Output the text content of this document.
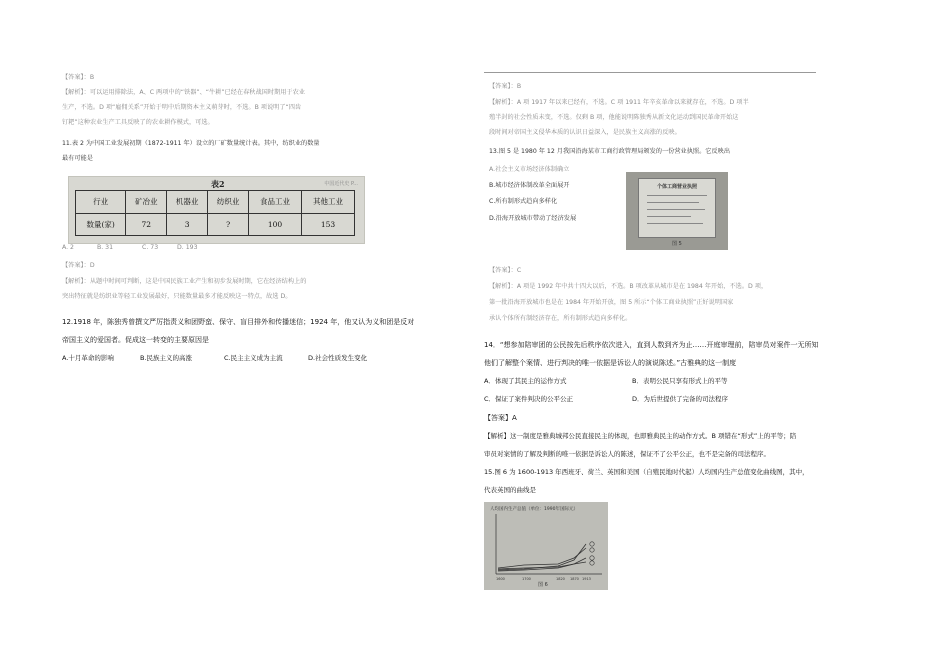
【答案】：B
【解析】：可以运用排除法，A、C 两项中的“铁器”、“牛耕”已经在春秋战国时期用于农业
生产，不选。D 项“雇佣关系”开始于明中后期资本主义萌芽时，不选。B 项说明了“四齿
钉耙”这种农业生产工具反映了的农业耕作模式，可选。
11.表 2 为中国工业发展初期（1872-1911 年）设立的厂矿数量统计表。其中，纺织业的数量
最有可能是
表2	中国近代史 P...
行业	矿冶业	机器业	纺织业	食品工业	其他工业
数量(家)	72	3	?	100	153
A. 2	B. 31	C. 73	D. 193
【答案】：D
【解析】：从题中时间可判断，这是中国民族工业产生和初步发展时期，它在经济结构上的
突出特征就是纺织业等轻工业发展最好，只能数量最多才能反映这一特点，故选 D。
12.1918 年，陈独秀曾撰文严厉指责义和团野蛮、保守、盲目排外和传播迷信；1924 年，他又认为义和团是反对
帝国主义的爱国者。促成这一转变的主要原因是
A.十月革命的影响	B.民族主义的高涨	C.民主主义成为主流	D.社会性质发生变化
【答案】：B
【解析】：A 项 1917 年以来已经有，不选。C 项 1911 年辛亥革命以来就存在，不选。D 项半
殖半封的社会性质未变，不选。仅剩 B 项，他能说明陈独秀从新文化运动到国民革命开始这
段时间对帝国主义侵华本质的认识日益深入，是民族主义高涨的反映。
13.图 5 是 1980 年 12 月我国沿海某市工商行政管理局颁发的一份营业执照。它反映出
A.社会主义市场经济体制确立
B.城市经济体制改革全面展开
C.所有制形式趋向多样化
D.沿海开放城市带动了经济发展
个体工商营业执照
图 5
【答案】：C
【解析】：A 项是 1992 年中共十四大以后，不选。B 项改革从城市是在 1984 年开始，不选。D 项，
第一批沿海开放城市也是在 1984 年开始开放，图 5 所示“个体工商业执照”正好说明国家
承认个体所有制经济存在，所有制形式趋向多样化。
14．“想参加陪审团的公民按先后秩序依次进入，直到人数到齐为止……开庭审理前，陪审员对案件一无所知
他们了解整个案情、进行判决的唯一依据是诉讼人的演说陈述。”古雅典的这一制度
A．体现了其民主的运作方式	B．表明公民只享有形式上的平等
C．保证了案件判决的公平公正	D．为后世提供了完备的司法程序
【答案】A
【解析】这一制度是雅典城邦公民直接民主的体现，也即雅典民主的动作方式。B 项错在“形式”上的平等；陪
审员对案情的了解及判断的唯一依据是诉讼人的陈述，保证不了公平公正，也不是完备的司法程序。
15.图 6 为 1600-1913 年西班牙、荷兰、英国和美国（自殖民地时代起）人均国内生产总值变化曲线图，其中，
代表英国的曲线是
人均国内生产总值（单位：1990年国际元）
1600	1700	1820 1870 1913
图 6
